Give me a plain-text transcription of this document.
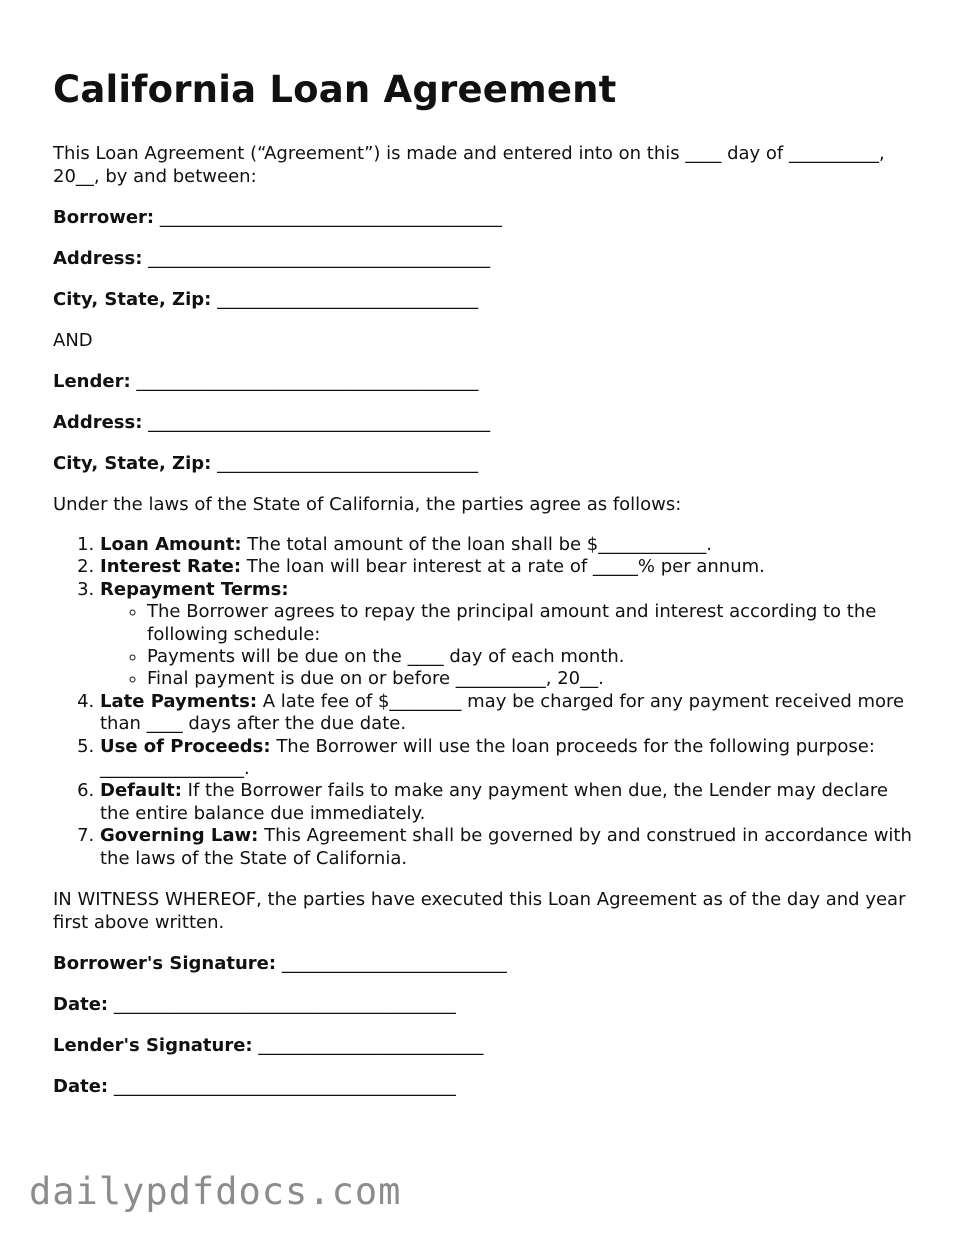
California Loan Agreement

This Loan Agreement (“Agreement”) is made and entered into on this ____ day of __________, 20__, by and between:

Borrower: ______________________________________

Address: ______________________________________

City, State, Zip: _____________________________

AND

Lender: ______________________________________

Address: ______________________________________

City, State, Zip: _____________________________

Under the laws of the State of California, the parties agree as follows:

1. Loan Amount: The total amount of the loan shall be $____________.
2. Interest Rate: The loan will bear interest at a rate of _____% per annum.
3. Repayment Terms:
◦ The Borrower agrees to repay the principal amount and interest according to the following schedule:
◦ Payments will be due on the ____ day of each month.
◦ Final payment is due on or before __________, 20__.
4. Late Payments: A late fee of $________ may be charged for any payment received more than ____ days after the due date.
5. Use of Proceeds: The Borrower will use the loan proceeds for the following purpose: ________________.
6. Default: If the Borrower fails to make any payment when due, the Lender may declare the entire balance due immediately.
7. Governing Law: This Agreement shall be governed by and construed in accordance with the laws of the State of California.

IN WITNESS WHEREOF, the parties have executed this Loan Agreement as of the day and year first above written.

Borrower's Signature: _________________________

Date: ______________________________________

Lender's Signature: _________________________

Date: ______________________________________

dailypdfdocs.com
